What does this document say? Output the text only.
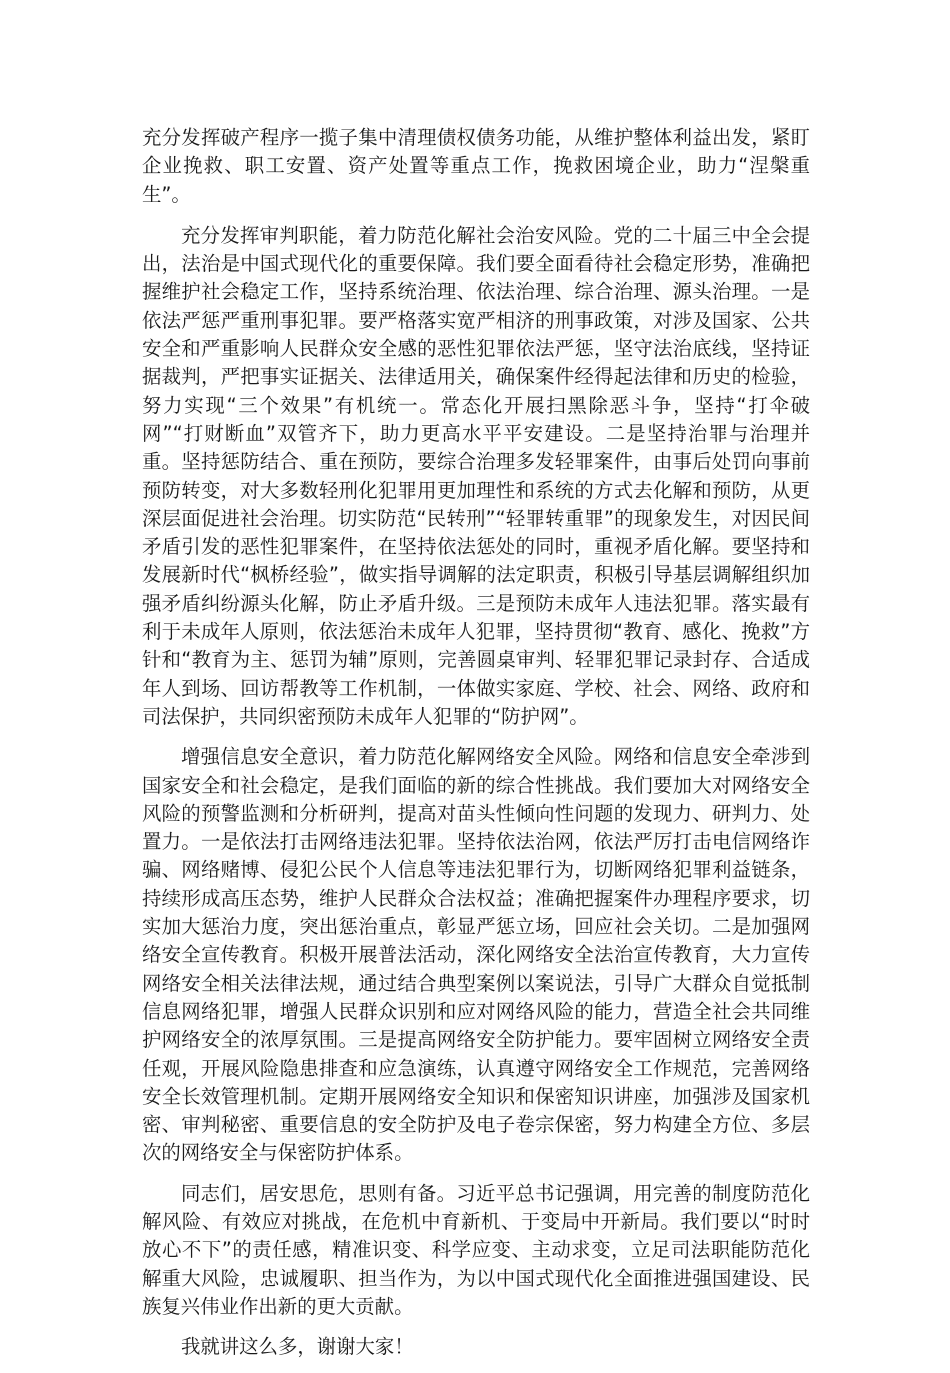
充分发挥破产程序一揽子集中清理债权债务功能，从维护整体利益出发，紧盯企业挽救、职工安置、资产处置等重点工作，挽救困境企业，助力“涅槃重生”。

充分发挥审判职能，着力防范化解社会治安风险。党的二十届三中全会提出，法治是中国式现代化的重要保障。我们要全面看待社会稳定形势，准确把握维护社会稳定工作，坚持系统治理、依法治理、综合治理、源头治理。一是依法严惩严重刑事犯罪。要严格落实宽严相济的刑事政策，对涉及国家、公共安全和严重影响人民群众安全感的恶性犯罪依法严惩，坚守法治底线，坚持证据裁判，严把事实证据关、法律适用关，确保案件经得起法律和历史的检验，努力实现“三个效果”有机统一。常态化开展扫黑除恶斗争，坚持“打伞破网”“打财断血”双管齐下，助力更高水平平安建设。二是坚持治罪与治理并重。坚持惩防结合、重在预防，要综合治理多发轻罪案件，由事后处罚向事前预防转变，对大多数轻刑化犯罪用更加理性和系统的方式去化解和预防，从更深层面促进社会治理。切实防范“民转刑”“轻罪转重罪”的现象发生，对因民间矛盾引发的恶性犯罪案件，在坚持依法惩处的同时，重视矛盾化解。要坚持和发展新时代“枫桥经验”，做实指导调解的法定职责，积极引导基层调解组织加强矛盾纠纷源头化解，防止矛盾升级。三是预防未成年人违法犯罪。落实最有利于未成年人原则，依法惩治未成年人犯罪，坚持贯彻“教育、感化、挽救”方针和“教育为主、惩罚为辅”原则，完善圆桌审判、轻罪犯罪记录封存、合适成年人到场、回访帮教等工作机制，一体做实家庭、学校、社会、网络、政府和司法保护，共同织密预防未成年人犯罪的“防护网”。

增强信息安全意识，着力防范化解网络安全风险。网络和信息安全牵涉到国家安全和社会稳定，是我们面临的新的综合性挑战。我们要加大对网络安全风险的预警监测和分析研判，提高对苗头性倾向性问题的发现力、研判力、处置力。一是依法打击网络违法犯罪。坚持依法治网，依法严厉打击电信网络诈骗、网络赌博、侵犯公民个人信息等违法犯罪行为，切断网络犯罪利益链条，持续形成高压态势，维护人民群众合法权益；准确把握案件办理程序要求，切实加大惩治力度，突出惩治重点，彰显严惩立场，回应社会关切。二是加强网络安全宣传教育。积极开展普法活动，深化网络安全法治宣传教育，大力宣传网络安全相关法律法规，通过结合典型案例以案说法，引导广大群众自觉抵制信息网络犯罪，增强人民群众识别和应对网络风险的能力，营造全社会共同维护网络安全的浓厚氛围。三是提高网络安全防护能力。要牢固树立网络安全责任观，开展风险隐患排查和应急演练，认真遵守网络安全工作规范，完善网络安全长效管理机制。定期开展网络安全知识和保密知识讲座，加强涉及国家机密、审判秘密、重要信息的安全防护及电子卷宗保密，努力构建全方位、多层次的网络安全与保密防护体系。

同志们，居安思危，思则有备。习近平总书记强调，用完善的制度防范化解风险、有效应对挑战，在危机中育新机、于变局中开新局。我们要以“时时放心不下”的责任感，精准识变、科学应变、主动求变，立足司法职能防范化解重大风险，忠诚履职、担当作为，为以中国式现代化全面推进强国建设、民族复兴伟业作出新的更大贡献。

我就讲这么多，谢谢大家！
